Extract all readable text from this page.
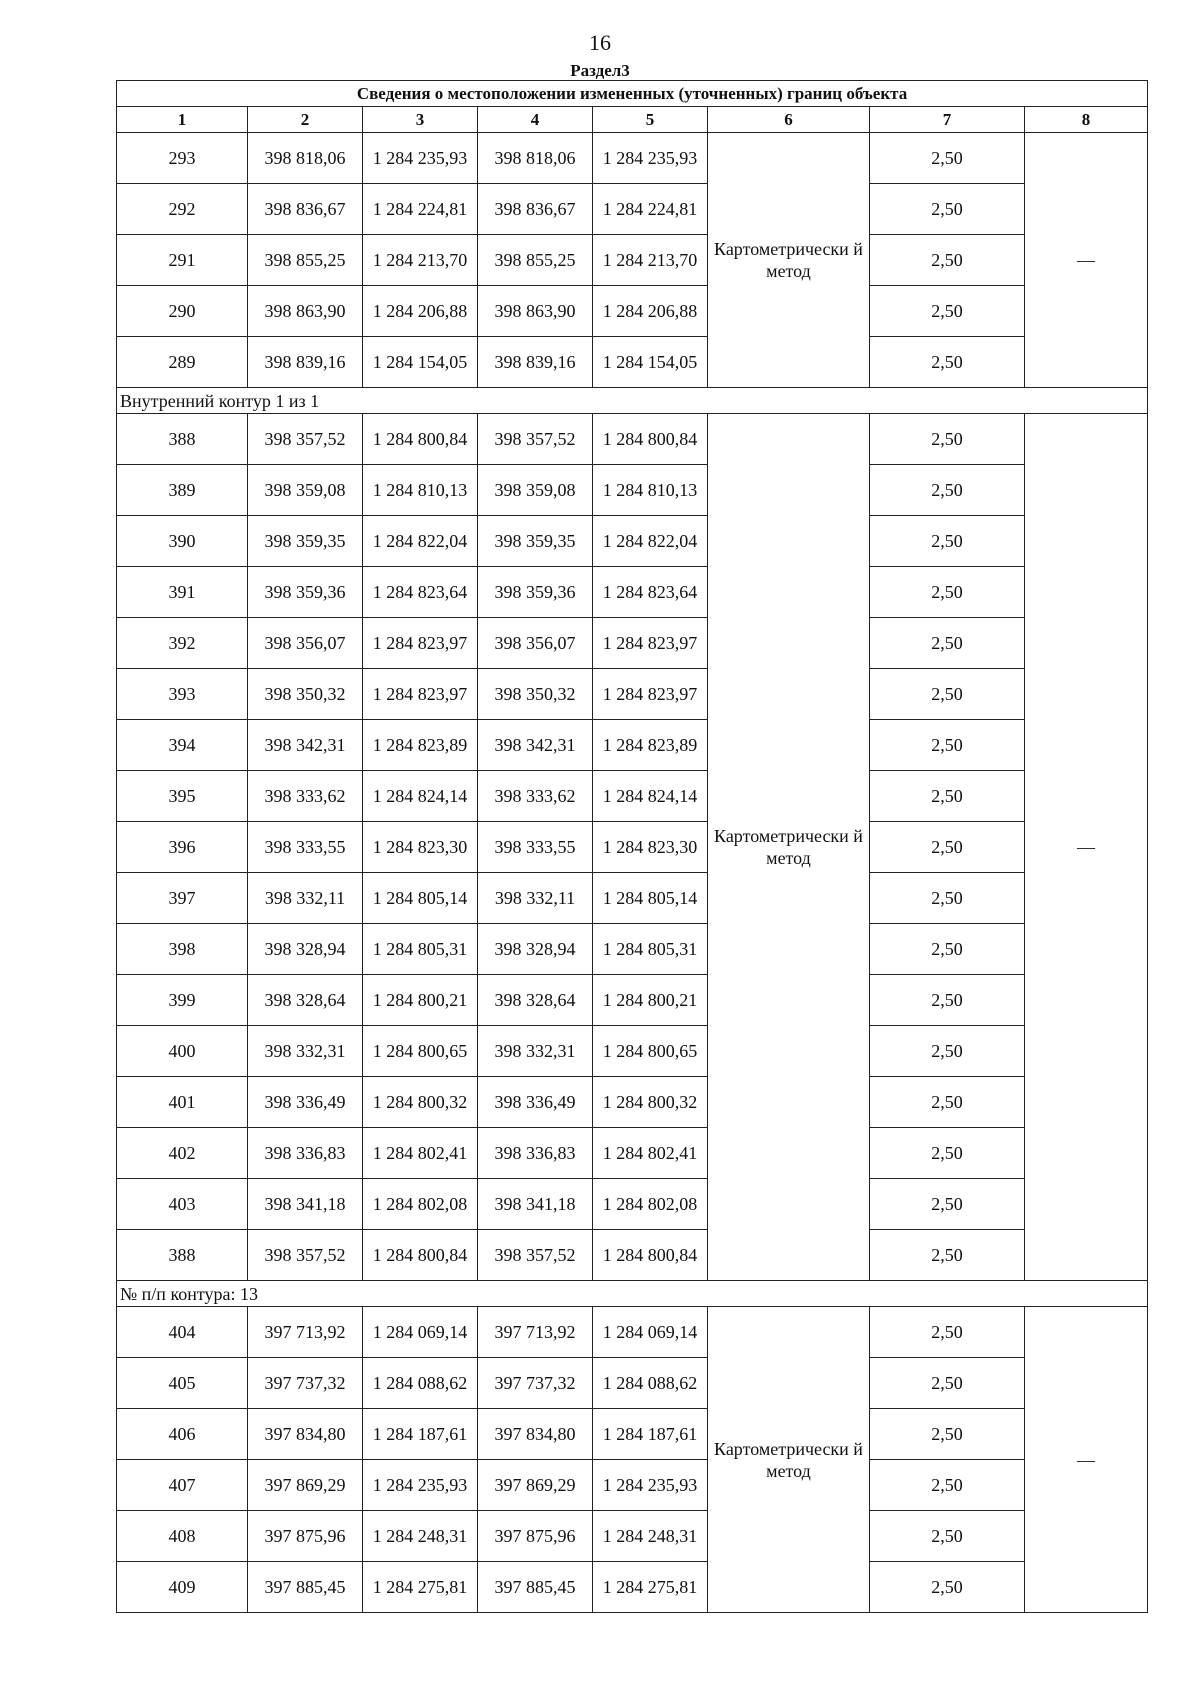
16
Раздел3
Сведения о местоположении измененных (уточненных) границ объекта							
1	2	3	4	5	6	7	8
293	398 818,06	1 284 235,93	398 818,06	1 284 235,93	Картометрически й метод	2,50	—
292	398 836,67	1 284 224,81	398 836,67	1 284 224,81		2,50	
291	398 855,25	1 284 213,70	398 855,25	1 284 213,70		2,50	
290	398 863,90	1 284 206,88	398 863,90	1 284 206,88		2,50	
289	398 839,16	1 284 154,05	398 839,16	1 284 154,05		2,50	
Внутренний контур 1 из 1							
388	398 357,52	1 284 800,84	398 357,52	1 284 800,84	Картометрически й метод	2,50	—
389	398 359,08	1 284 810,13	398 359,08	1 284 810,13		2,50	
390	398 359,35	1 284 822,04	398 359,35	1 284 822,04		2,50	
391	398 359,36	1 284 823,64	398 359,36	1 284 823,64		2,50	
392	398 356,07	1 284 823,97	398 356,07	1 284 823,97		2,50	
393	398 350,32	1 284 823,97	398 350,32	1 284 823,97		2,50	
394	398 342,31	1 284 823,89	398 342,31	1 284 823,89		2,50	
395	398 333,62	1 284 824,14	398 333,62	1 284 824,14		2,50	
396	398 333,55	1 284 823,30	398 333,55	1 284 823,30		2,50	
397	398 332,11	1 284 805,14	398 332,11	1 284 805,14		2,50	
398	398 328,94	1 284 805,31	398 328,94	1 284 805,31		2,50	
399	398 328,64	1 284 800,21	398 328,64	1 284 800,21		2,50	
400	398 332,31	1 284 800,65	398 332,31	1 284 800,65		2,50	
401	398 336,49	1 284 800,32	398 336,49	1 284 800,32		2,50	
402	398 336,83	1 284 802,41	398 336,83	1 284 802,41		2,50	
403	398 341,18	1 284 802,08	398 341,18	1 284 802,08		2,50	
388	398 357,52	1 284 800,84	398 357,52	1 284 800,84		2,50	
№ п/п контура: 13							
404	397 713,92	1 284 069,14	397 713,92	1 284 069,14	Картометрически й метод	2,50	—
405	397 737,32	1 284 088,62	397 737,32	1 284 088,62		2,50	
406	397 834,80	1 284 187,61	397 834,80	1 284 187,61		2,50	
407	397 869,29	1 284 235,93	397 869,29	1 284 235,93		2,50	
408	397 875,96	1 284 248,31	397 875,96	1 284 248,31		2,50	
409	397 885,45	1 284 275,81	397 885,45	1 284 275,81		2,50	
